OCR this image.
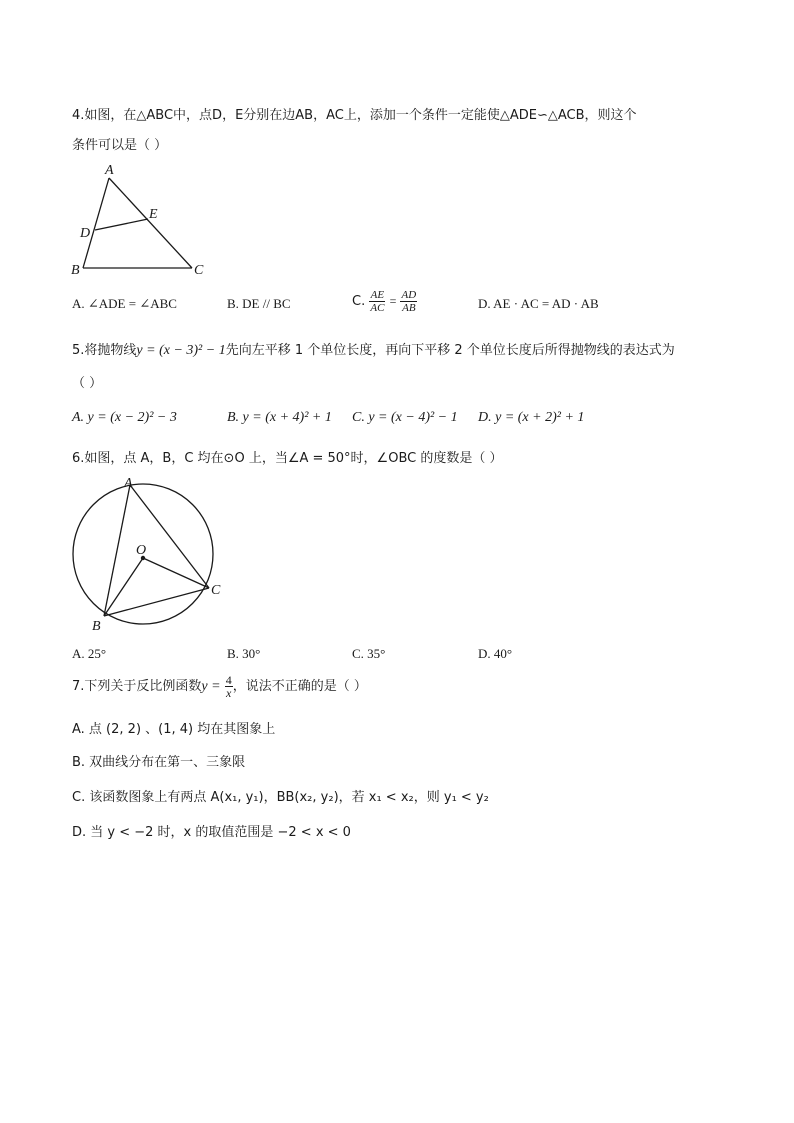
4.如图，在△ABC中，点D，E分别在边AB，AC上，添加一个条件一定能使△ADE∽△ACB，则这个
条件可以是（ ）
A
E
D
B	C
A. ∠ADE = ∠ABC	B. DE // BC	C. $\frac{AE}{AC} = \frac{AD}{AB}$	D. AE · AC = AD · AB
5.将抛物线y = (x − 3)² − 1先向左平移 1 个单位长度，再向下平移 2 个单位长度后所得抛物线的表达式为
（ ）
A. y = (x − 2)² − 3	B. y = (x + 4)² + 1 C. y = (x − 4)² − 1 D. y = (x + 2)² + 1
6.如图，点 A，B，C 均在⊙O 上，当∠A = 50°时，∠OBC 的度数是（ ）
A
O
C
B
A. 25°	B. 30°	C. 35°	D. 40°
7.下列关于反比例函数$y = \frac{4}{x}$ ，说法不正确的是（ ）
A. 点 (2, 2) 、(1, 4) 均在其图象上
B. 双曲线分布在第一、三象限
C. 该函数图象上有两点 A(x₁, y₁)，BB(x₂, y₂)，若 x₁ < x₂，则 y₁ < y₂
D. 当 y < −2 时，x 的取值范围是 −2 < x < 0
